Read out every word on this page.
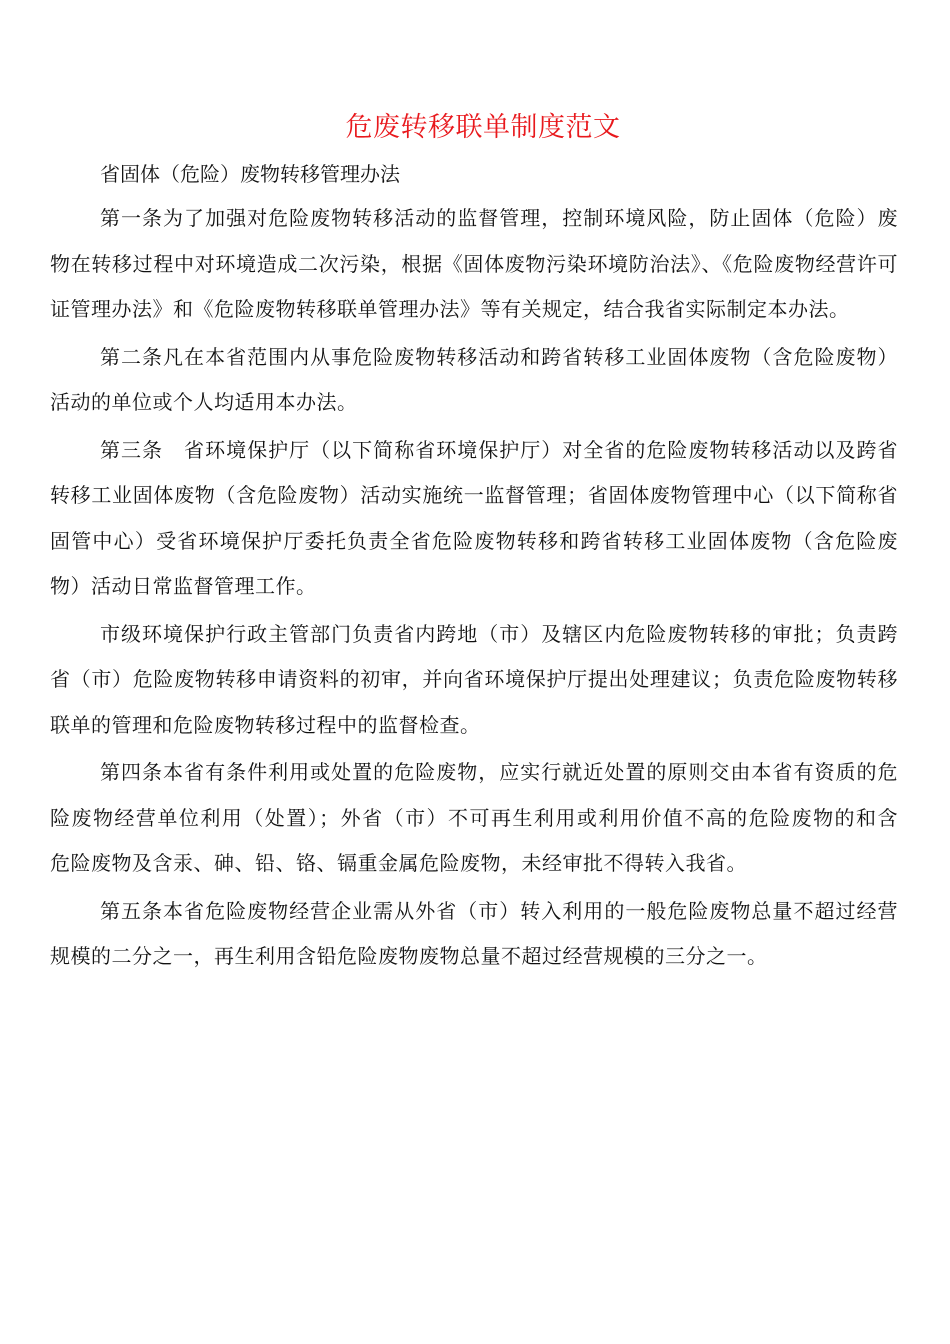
危废转移联单制度范文

省固体（危险）废物转移管理办法

第一条为了加强对危险废物转移活动的监督管理，控制环境风险，防止固体（危险）废物在转移过程中对环境造成二次污染，根据《固体废物污染环境防治法》、《危险废物经营许可证管理办法》和《危险废物转移联单管理办法》等有关规定，结合我省实际制定本办法。

第二条凡在本省范围内从事危险废物转移活动和跨省转移工业固体废物（含危险废物）活动的单位或个人均适用本办法。

第三条　省环境保护厅（以下简称省环境保护厅）对全省的危险废物转移活动以及跨省转移工业固体废物（含危险废物）活动实施统一监督管理；省固体废物管理中心（以下简称省固管中心）受省环境保护厅委托负责全省危险废物转移和跨省转移工业固体废物（含危险废物）活动日常监督管理工作。

市级环境保护行政主管部门负责省内跨地（市）及辖区内危险废物转移的审批；负责跨省（市）危险废物转移申请资料的初审，并向省环境保护厅提出处理建议；负责危险废物转移联单的管理和危险废物转移过程中的监督检查。

第四条本省有条件利用或处置的危险废物，应实行就近处置的原则交由本省有资质的危险废物经营单位利用（处置）；外省（市）不可再生利用或利用价值不高的危险废物的和含　危险废物及含汞、砷、铅、铬、镉重金属危险废物，未经审批不得转入我省。

第五条本省危险废物经营企业需从外省（市）转入利用的一般危险废物总量不超过经营规模的二分之一，再生利用含铅危险废物废物总量不超过经营规模的三分之一。
